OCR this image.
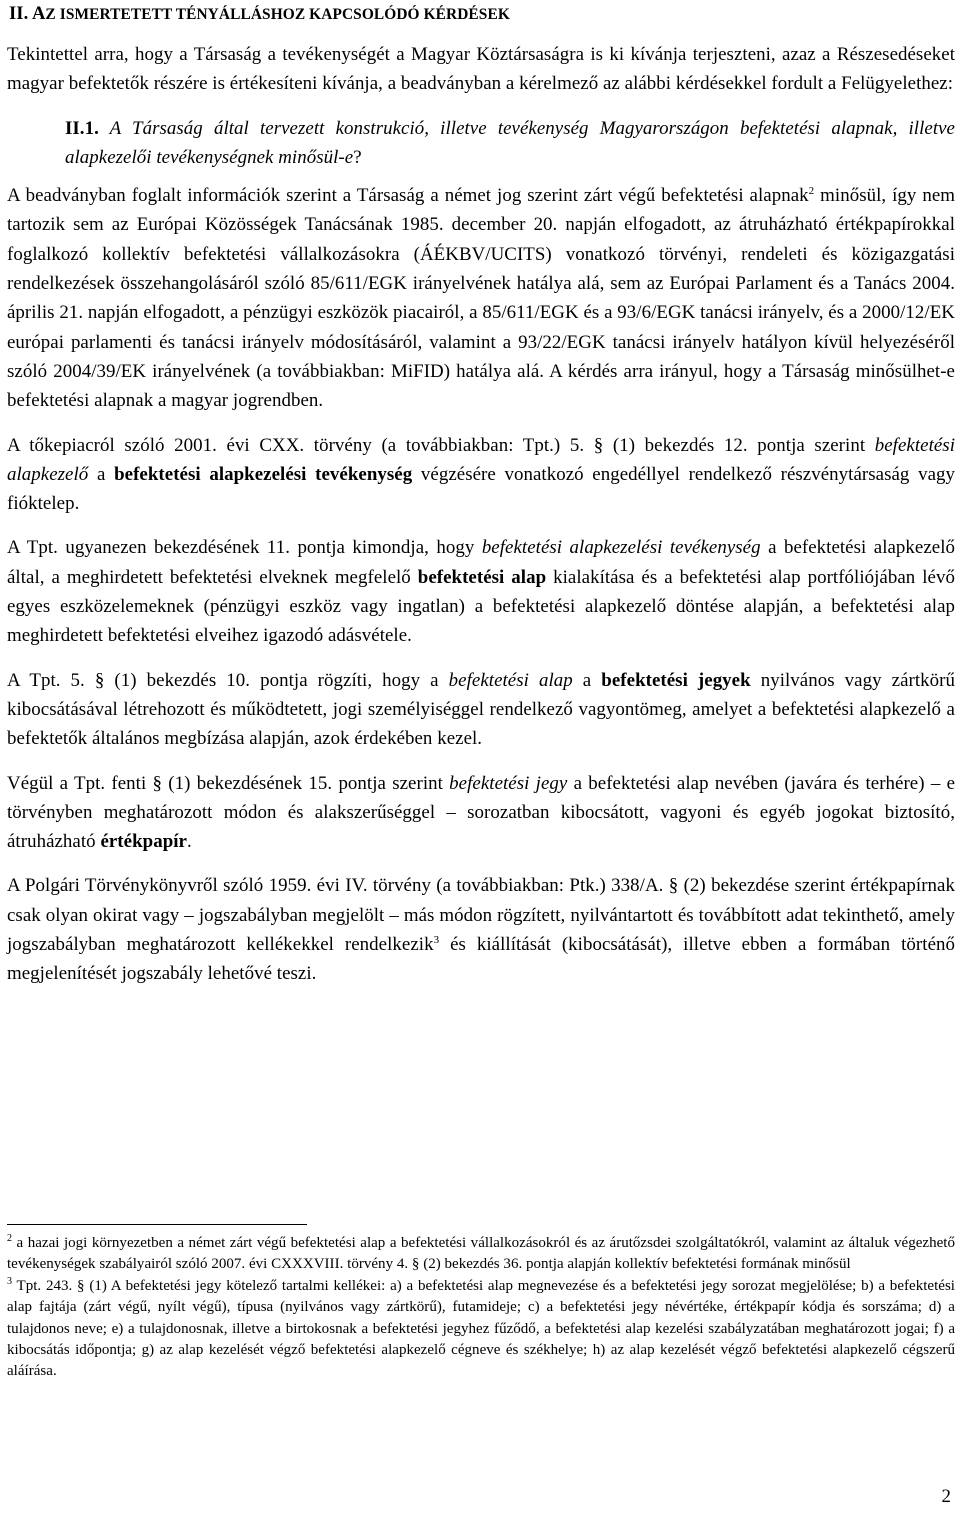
II. AZ ISMERTETETT TÉNYÁLLÁSHOZ KAPCSOLÓDÓ KÉRDÉSEK

Tekintettel arra, hogy a Társaság a tevékenységét a Magyar Köztársaságra is ki kívánja terjeszteni, azaz a Részesedéseket magyar befektetők részére is értékesíteni kívánja, a beadványban a kérelmező az alábbi kérdésekkel fordult a Felügyelethez:

II.1. A Társaság által tervezett konstrukció, illetve tevékenység Magyarországon befektetési alapnak, illetve alapkezelői tevékenységnek minősül-e?

A beadványban foglalt információk szerint a Társaság a német jog szerint zárt végű befektetési alapnak$^2$ minősül, így nem tartozik sem az Európai Közösségek Tanácsának 1985. december 20. napján elfogadott, az átruházható értékpapírokkal foglalkozó kollektív befektetési vállalkozásokra (ÁÉKBV/UCITS) vonatkozó törvényi, rendeleti és közigazgatási rendelkezések összehangolásáról szóló 85/611/EGK irányelvének hatálya alá, sem az Európai Parlament és a Tanács 2004. április 21. napján elfogadott, a pénzügyi eszközök piacairól, a 85/611/EGK és a 93/6/EGK tanácsi irányelv, és a 2000/12/EK európai parlamenti és tanácsi irányelv módosításáról, valamint a 93/22/EGK tanácsi irányelv hatályon kívül helyezéséről szóló 2004/39/EK irányelvének (a továbbiakban: MiFID) hatálya alá. A kérdés arra irányul, hogy a Társaság minősülhet-e befektetési alapnak a magyar jogrendben.

A tőkepiacról szóló 2001. évi CXX. törvény (a továbbiakban: Tpt.) 5. § (1) bekezdés 12. pontja szerint befektetési alapkezelő a befektetési alapkezelési tevékenység végzésére vonatkozó engedéllyel rendelkező részvénytársaság vagy fióktelep.

A Tpt. ugyanezen bekezdésének 11. pontja kimondja, hogy befektetési alapkezelési tevékenység a befektetési alapkezelő által, a meghirdetett befektetési elveknek megfelelő befektetési alap kialakítása és a befektetési alap portfóliójában lévő egyes eszközelemeknek (pénzügyi eszköz vagy ingatlan) a befektetési alapkezelő döntése alapján, a befektetési alap meghirdetett befektetési elveihez igazodó adásvétele.

A Tpt. 5. § (1) bekezdés 10. pontja rögzíti, hogy a befektetési alap a befektetési jegyek nyilvános vagy zártkörű kibocsátásával létrehozott és működtetett, jogi személyiséggel rendelkező vagyontömeg, amelyet a befektetési alapkezelő a befektetők általános megbízása alapján, azok érdekében kezel.

Végül a Tpt. fenti § (1) bekezdésének 15. pontja szerint befektetési jegy a befektetési alap nevében (javára és terhére) – e törvényben meghatározott módon és alakszerűséggel – sorozatban kibocsátott, vagyoni és egyéb jogokat biztosító, átruházható értékpapír.

A Polgári Törvénykönyvről szóló 1959. évi IV. törvény (a továbbiakban: Ptk.) 338/A. § (2) bekezdése szerint értékpapírnak csak olyan okirat vagy – jogszabályban megjelölt – más módon rögzített, nyilvántartott és továbbított adat tekinthető, amely jogszabályban meghatározott kellékekkel rendelkezik$^3$ és kiállítását (kibocsátását), illetve ebben a formában történő megjelenítését jogszabály lehetővé teszi.

$^2$ a hazai jogi környezetben a német zárt végű befektetési alap a befektetési vállalkozásokról és az árutőzsdei szolgáltatókról, valamint az általuk végezhető tevékenységek szabályairól szóló 2007. évi CXXXVIII. törvény 4. § (2) bekezdés 36. pontja alapján kollektív befektetési formának minősül

$^3$ Tpt. 243. § (1) A befektetési jegy kötelező tartalmi kellékei: a) a befektetési alap megnevezése és a befektetési jegy sorozat megjelölése; b) a befektetési alap fajtája (zárt végű, nyílt végű), típusa (nyilvános vagy zártkörű), futamideje; c) a befektetési jegy névértéke, értékpapír kódja és sorszáma; d) a tulajdonos neve; e) a tulajdonosnak, illetve a birtokosnak a befektetési jegyhez fűződő, a befektetési alap kezelési szabályzatában meghatározott jogai; f) a kibocsátás időpontja; g) az alap kezelését végző befektetési alapkezelő cégneve és székhelye; h) az alap kezelését végző befektetési alapkezelő cégszerű aláírása.

2
